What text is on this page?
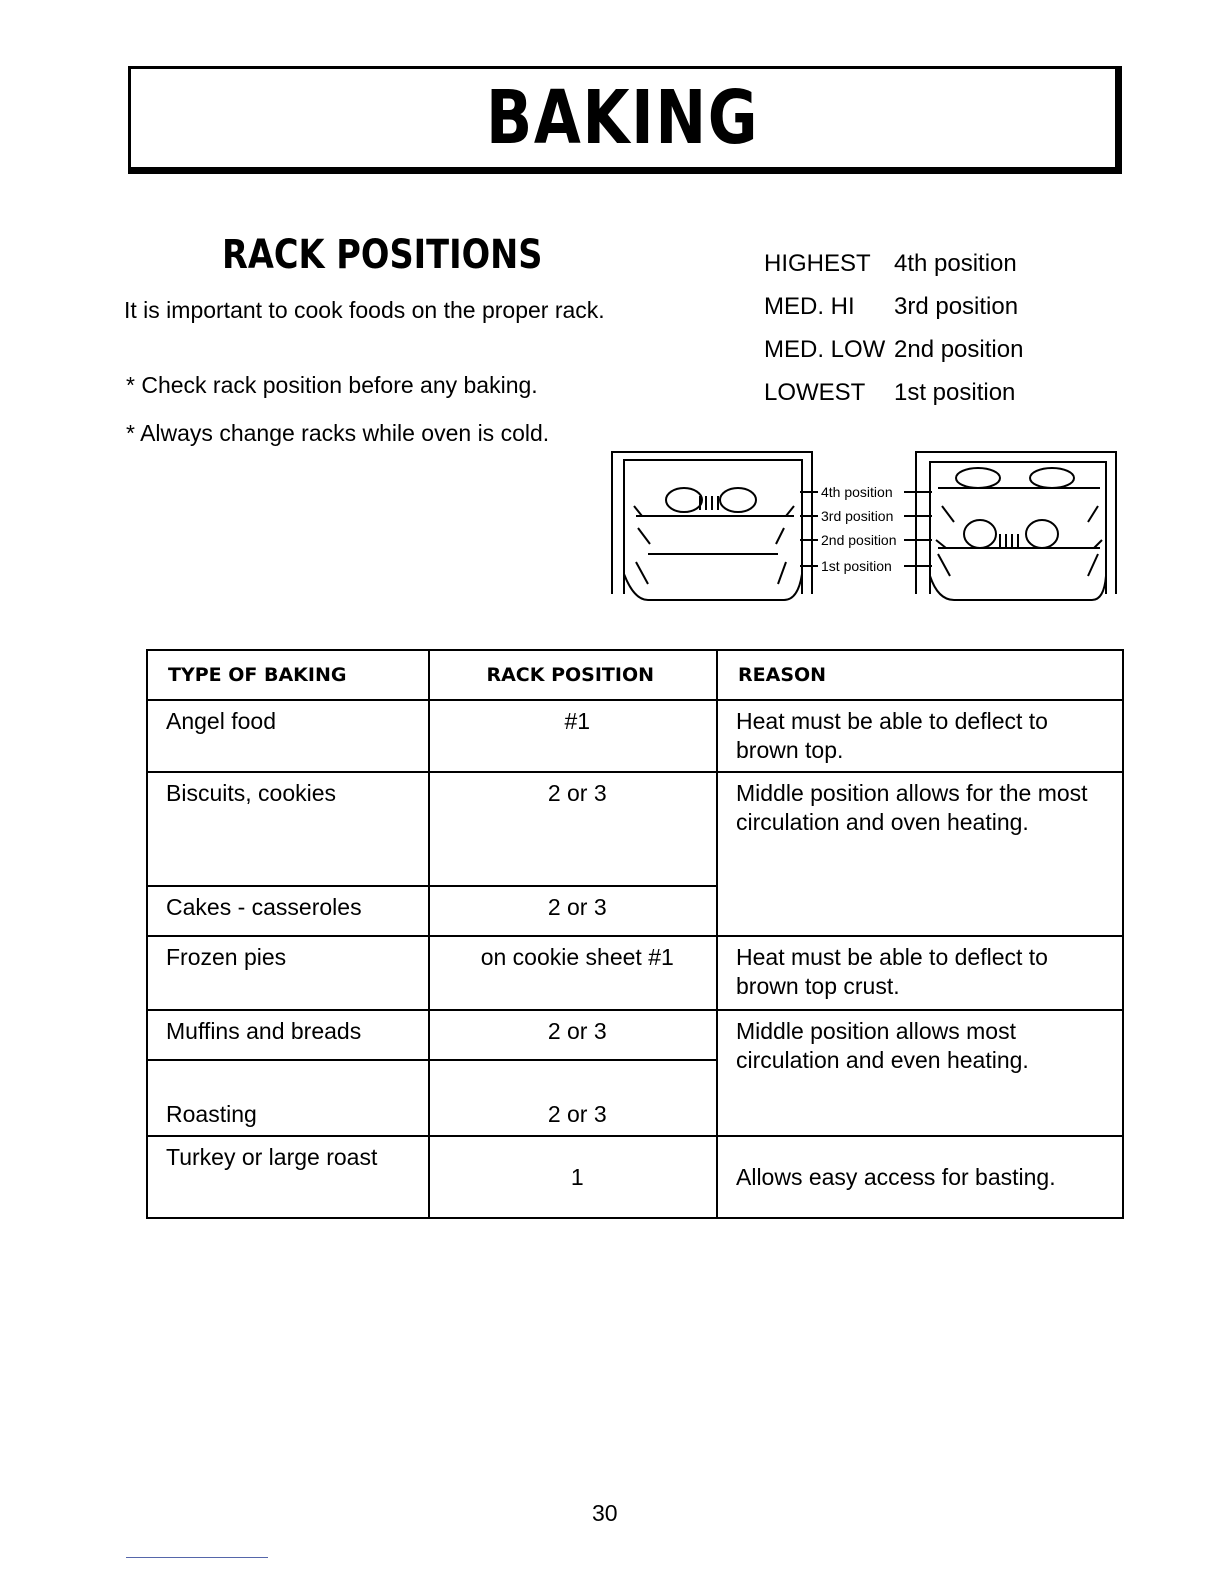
BAKING
RACK POSITIONS

It is important to cook foods on the proper rack.

* Check rack position before any baking.

* Always change racks while oven is cold.

HIGHEST	4th position
MED. HI	3rd position
MED. LOW	2nd position
LOWEST	1st position
4th position
3rd position
2nd position
1st position
TYPE OF BAKING	RACK POSITION	REASON
Angel food	#1	Heat must be able to deflect to brown top.
Biscuits, cookies	2 or 3	Middle position allows for the most circulation and oven heating.
Cakes - casseroles	2 or 3	
Frozen pies	on cookie sheet #1	Heat must be able to deflect to brown top crust.
Muffins and breads	2 or 3	Middle position allows most circulation and even heating.
Roasting	2 or 3	
Turkey or large roast	1	Allows easy access for basting.
30
